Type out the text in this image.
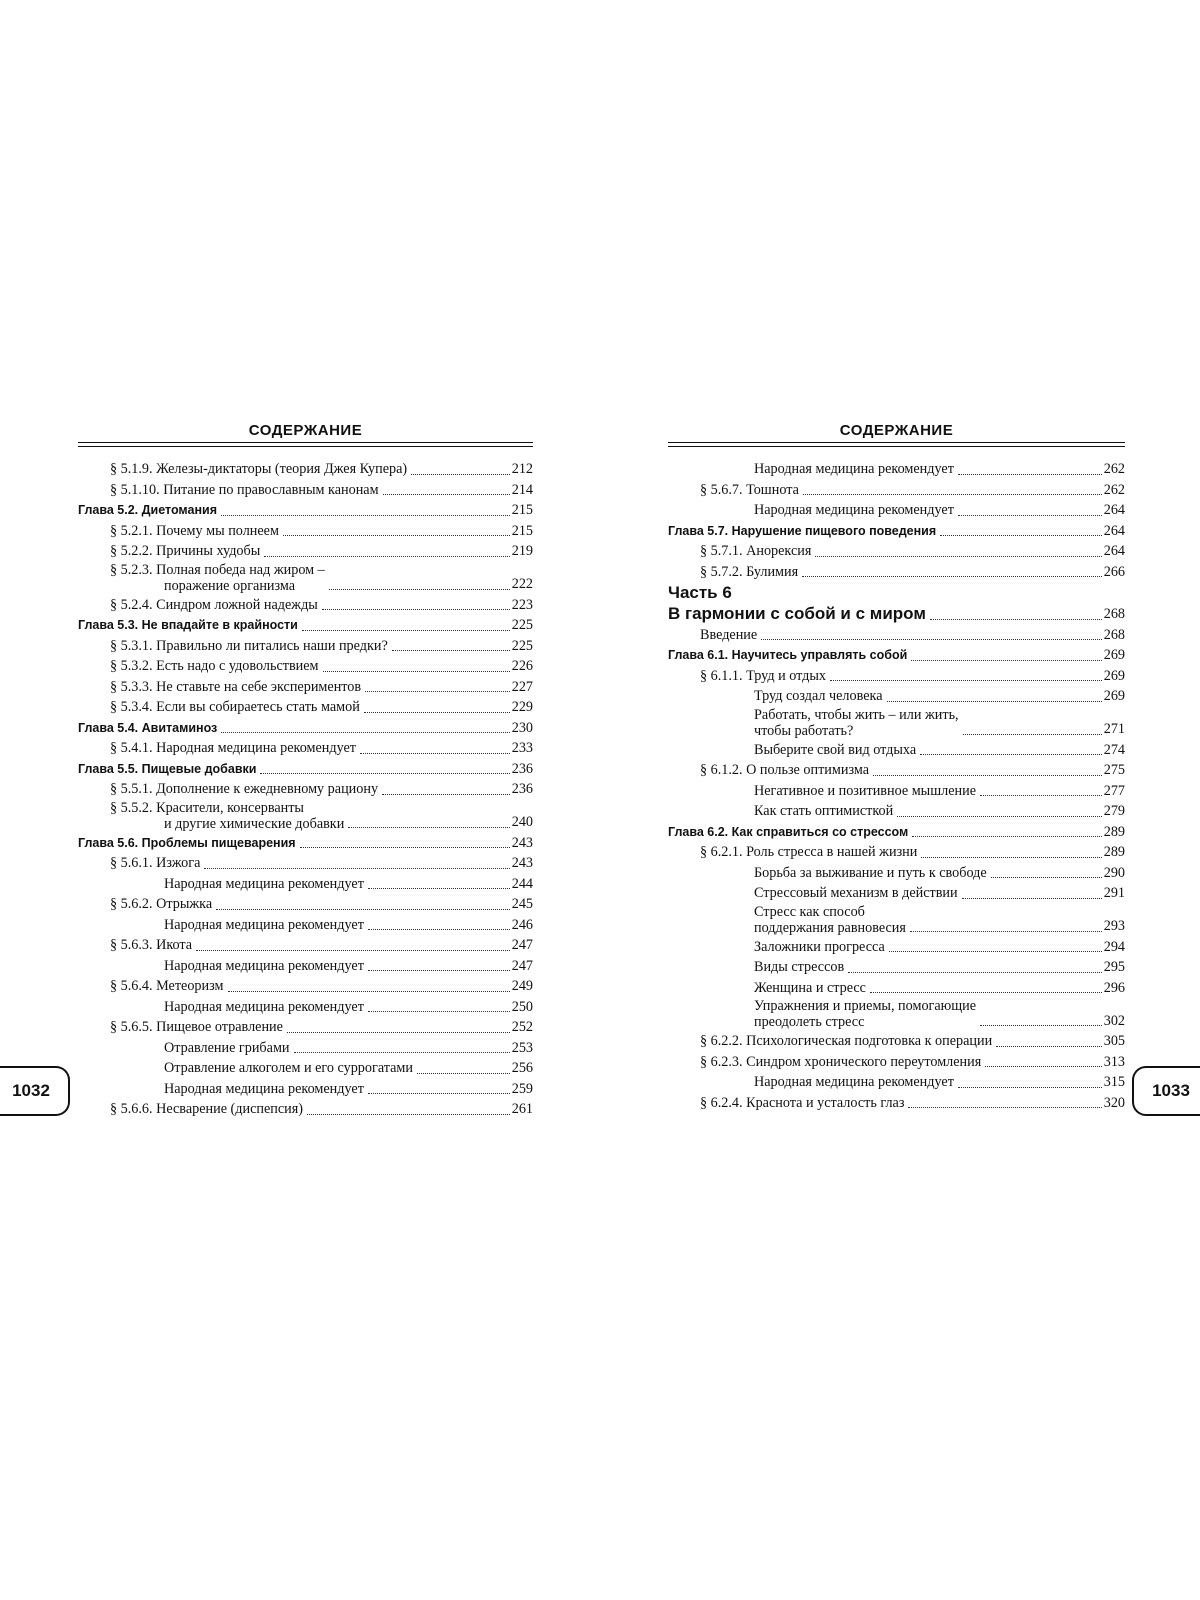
СОДЕРЖАНИЕ
§ 5.1.9. Железы-диктаторы (теория Джея Купера)	212
§ 5.1.10. Питание по православным канонам	214
Глава 5.2. Диетомания	215
§ 5.2.1. Почему мы полнеем	215
§ 5.2.2. Причины худобы	219
§ 5.2.3. Полная победа над жиром –
поражение организма	222
§ 5.2.4. Синдром ложной надежды	223
Глава 5.3. Не впадайте в крайности	225
§ 5.3.1. Правильно ли питались наши предки?	225
§ 5.3.2. Есть надо с удовольствием	226
§ 5.3.3. Не ставьте на себе экспериментов	227
§ 5.3.4. Если вы собираетесь стать мамой	229
Глава 5.4. Авитаминоз	230
§ 5.4.1. Народная медицина рекомендует	233
Глава 5.5. Пищевые добавки	236
§ 5.5.1. Дополнение к ежедневному рациону	236
§ 5.5.2. Красители, консерванты
и другие химические добавки	240
Глава 5.6. Проблемы пищеварения	243
§ 5.6.1. Изжога	243
Народная медицина рекомендует	244
§ 5.6.2. Отрыжка	245
Народная медицина рекомендует	246
§ 5.6.3. Икота	247
Народная медицина рекомендует	247
§ 5.6.4. Метеоризм	249
Народная медицина рекомендует	250
§ 5.6.5. Пищевое отравление	252
Отравление грибами	253
Отравление алкоголем и его суррогатами	256
Народная медицина рекомендует	259
§ 5.6.6. Несварение (диспепсия)	261
СОДЕРЖАНИЕ
Народная медицина рекомендует	262
§ 5.6.7. Тошнота	262
Народная медицина рекомендует	264
Глава 5.7. Нарушение пищевого поведения	264
§ 5.7.1. Анорексия	264
§ 5.7.2. Булимия	266
Часть 6
В гармонии с собой и с миром	268
Введение	268
Глава 6.1. Научитесь управлять собой	269
§ 6.1.1. Труд и отдых	269
Труд создал человека	269
Работать, чтобы жить – или жить,
чтобы работать?	271
Выберите свой вид отдыха	274
§ 6.1.2. О пользе оптимизма	275
Негативное и позитивное мышление	277
Как стать оптимисткой	279
Глава 6.2. Как справиться со стрессом	289
§ 6.2.1. Роль стресса в нашей жизни	289
Борьба за выживание и путь к свободе	290
Стрессовый механизм в действии	291
Стресс как способ
поддержания равновесия	293
Заложники прогресса	294
Виды стрессов	295
Женщина и стресс	296
Упражнения и приемы, помогающие
преодолеть стресс	302
§ 6.2.2. Психологическая подготовка к операции	305
§ 6.2.3. Синдром хронического переутомления	313
Народная медицина рекомендует	315
§ 6.2.4. Краснота и усталость глаз	320
1032	1033
